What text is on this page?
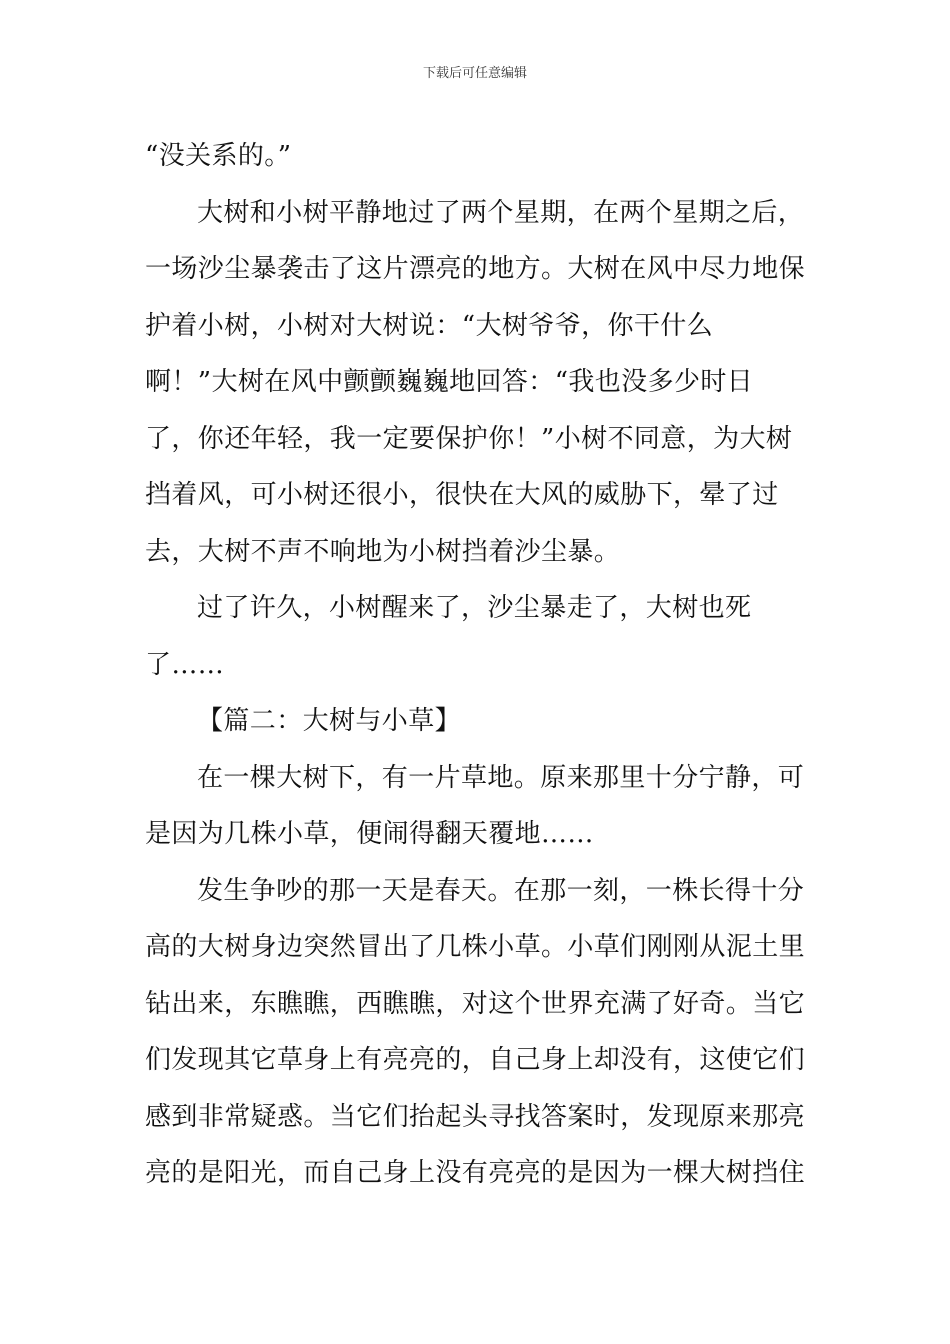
下载后可任意编辑

“没关系的。”

大树和小树平静地过了两个星期，在两个星期之后，一场沙尘暴袭击了这片漂亮的地方。大树在风中尽力地保护着小树，小树对大树说：“大树爷爷，你干什么啊！”大树在风中颤颤巍巍地回答：“我也没多少时日了，你还年轻，我一定要保护你！”小树不同意，为大树挡着风，可小树还很小，很快在大风的威胁下，晕了过去，大树不声不响地为小树挡着沙尘暴。

过了许久，小树醒来了，沙尘暴走了，大树也死了……

【篇二：大树与小草】

在一棵大树下，有一片草地。原来那里十分宁静，可是因为几株小草，便闹得翻天覆地……

发生争吵的那一天是春天。在那一刻，一株长得十分高的大树身边突然冒出了几株小草。小草们刚刚从泥土里钻出来，东瞧瞧，西瞧瞧，对这个世界充满了好奇。当它们发现其它草身上有亮亮的，自己身上却没有，这使它们感到非常疑惑。当它们抬起头寻找答案时，发现原来那亮亮的是阳光，而自己身上没有亮亮的是因为一棵大树挡住
